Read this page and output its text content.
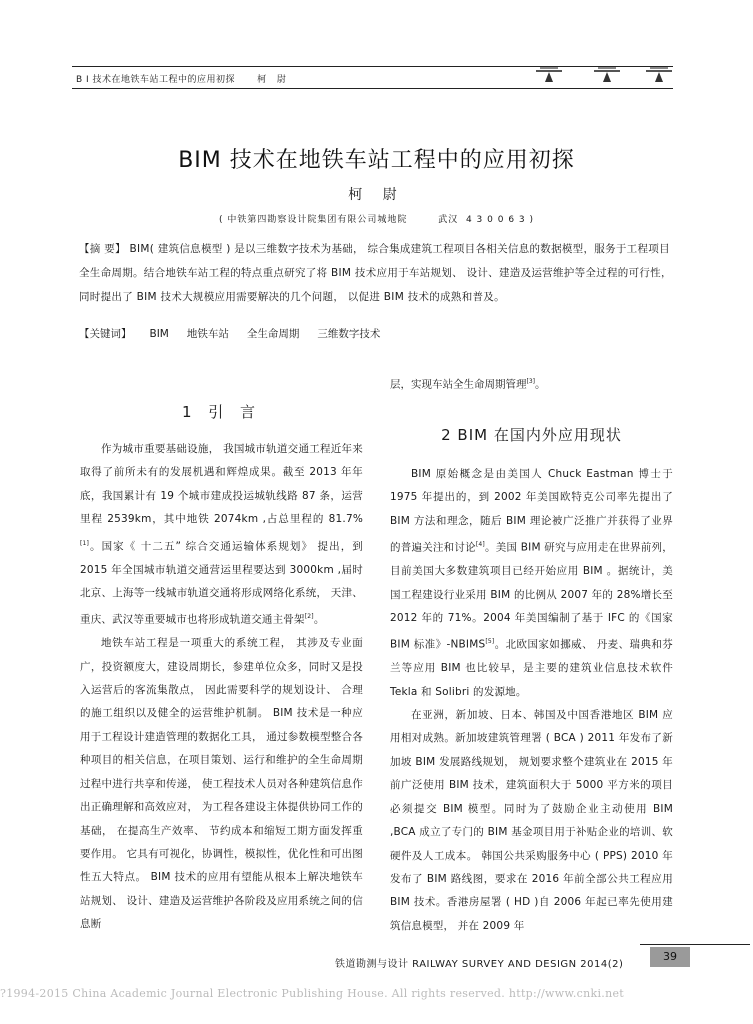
B I 技术在地铁车站工程中的应用初探 柯 尉
BIM 技术在地铁车站工程中的应用初探
柯 尉
( 中铁第四勘察设计院集团有限公司城地院        武汉  4 3 0 0 6 3 )
【摘 要】 BIM( 建筑信息模型 ) 是以三维数字技术为基础， 综合集成建筑工程项目各相关信息的数据模型，服务于工程项目全生命周期。结合地铁车站工程的特点重点研究了将 BIM 技术应用于车站规划、 设计、建造及运营维护等全过程的可行性， 同时提出了 BIM 技术大规模应用需要解决的几个问题， 以促进 BIM 技术的成熟和普及。
【关键词】 BIM 地铁车站 全生命周期 三维数字技术
1 引 言

作为城市重要基础设施， 我国城市轨道交通工程近年来取得了前所未有的发展机遇和辉煌成果。截至 2013 年年底，我国累计有 19 个城市建成投运城轨线路 87 条，运营里程 2539km，其中地铁 2074km ,占总里程的 81.7%[1]。国家《 十二五” 综合交通运输体系规划》 提出，到 2015 年全国城市轨道交通营运里程要达到 3000km ,届时北京、上海等一线城市轨道交通将形成网络化系统， 天津、重庆、武汉等重要城市也将形成轨道交通主骨架[2]。

地铁车站工程是一项重大的系统工程， 其涉及专业面广，投资额度大，建设周期长，参建单位众多，同时又是投入运营后的客流集散点， 因此需要科学的规划设计、 合理的施工组织以及健全的运营维护机制。 BIM 技术是一种应用于工程设计建造管理的数据化工具， 通过参数模型整合各种项目的相关信息，在项目策划、运行和维护的全生命周期过程中进行共享和传递， 使工程技术人员对各种建筑信息作出正确理解和高效应对， 为工程各建设主体提供协同工作的基础， 在提高生产效率、 节约成本和缩短工期方面发挥重要作用。 它具有可视化，协调性，模拟性，优化性和可出图性五大特点。 BIM 技术的应用有望能从根本上解决地铁车站规划、 设计、建造及运营维护各阶段及应用系统之间的信息断

层，实现车站全生命周期管理[3]。
2 BIM 在国内外应用现状

BIM 原始概念是由美国人 Chuck Eastman 博士于 1975 年提出的，到 2002 年美国欧特克公司率先提出了 BIM 方法和理念，随后 BIM 理论被广泛推广并获得了业界的普遍关注和讨论[4]。美国 BIM 研究与应用走在世界前列， 目前美国大多数建筑项目已经开始应用 BIM 。据统计，美国工程建设行业采用 BIM 的比例从 2007 年的 28%增长至 2012 年的 71%。2004 年美国编制了基于 IFC 的《国家 BIM 标准》-NBIMS[5]。北欧国家如挪威、 丹麦、瑞典和芬兰等应用 BIM 也比较早，是主要的建筑业信息技术软件 Tekla 和 Solibri 的发源地。

在亚洲，新加坡、日本、韩国及中国香港地区 BIM 应用相对成熟。新加坡建筑管理署 ( BCA ) 2011 年发布了新加坡 BIM 发展路线规划， 规划要求整个建筑业在 2015 年前广泛使用 BIM 技术，建筑面积大于 5000 平方米的项目必须提交 BIM 模型。同时为了鼓励企业主动使用 BIM ,BCA 成立了专门的 BIM 基金项目用于补贴企业的培训、软硬件及人工成本。 韩国公共采购服务中心 ( PPS) 2010 年发布了 BIM 路线图，要求在 2016 年前全部公共工程应用 BIM 技术。香港房屋署 ( HD )自 2006 年起已率先使用建筑信息模型， 并在 2009 年

铁道勘测与设计 RAILWAY SURVEY AND DESIGN 2014(2)
39
?1994-2015 China Academic Journal Electronic Publishing House. All rights reserved. http://www.cnki.net
